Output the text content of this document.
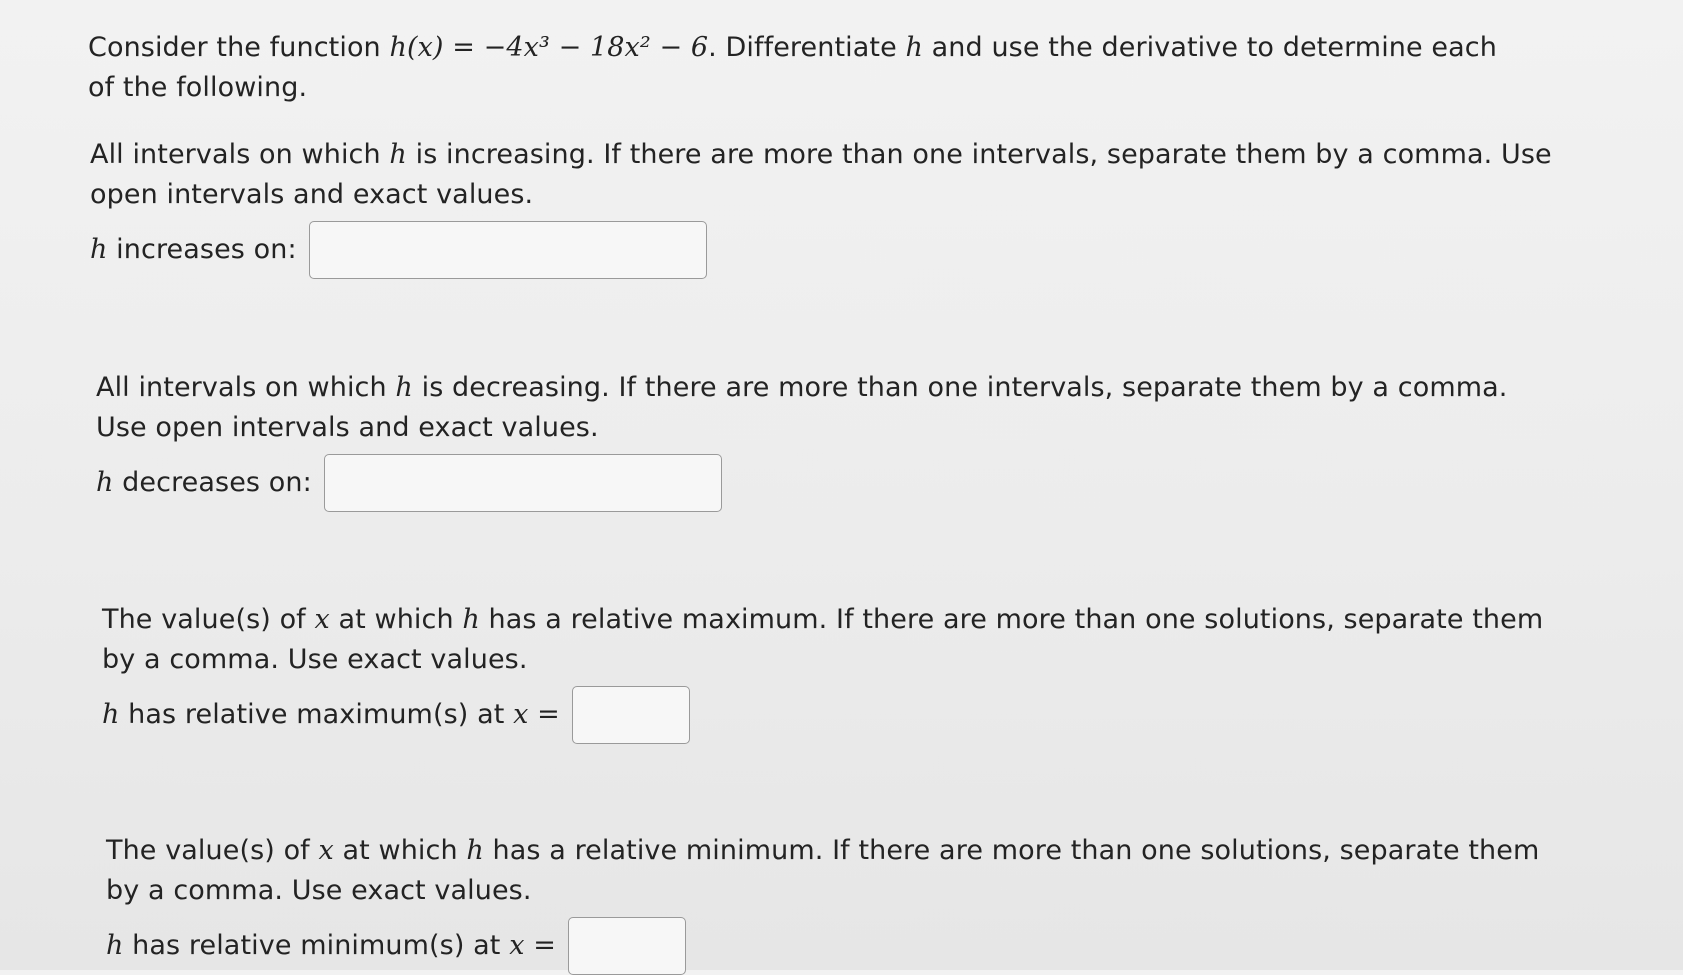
Consider the function h(x) = −4x³ − 18x² − 6. Differentiate h and use the derivative to determine each
of the following.
All intervals on which h is increasing. If there are more than one intervals, separate them by a comma. Use
open intervals and exact values.
h increases on:
All intervals on which h is decreasing. If there are more than one intervals, separate them by a comma.
Use open intervals and exact values.
h decreases on:
The value(s) of x at which h has a relative maximum. If there are more than one solutions, separate them
by a comma. Use exact values.
h has relative maximum(s) at x =
The value(s) of x at which h has a relative minimum. If there are more than one solutions, separate them
by a comma. Use exact values.
h has relative minimum(s) at x =
